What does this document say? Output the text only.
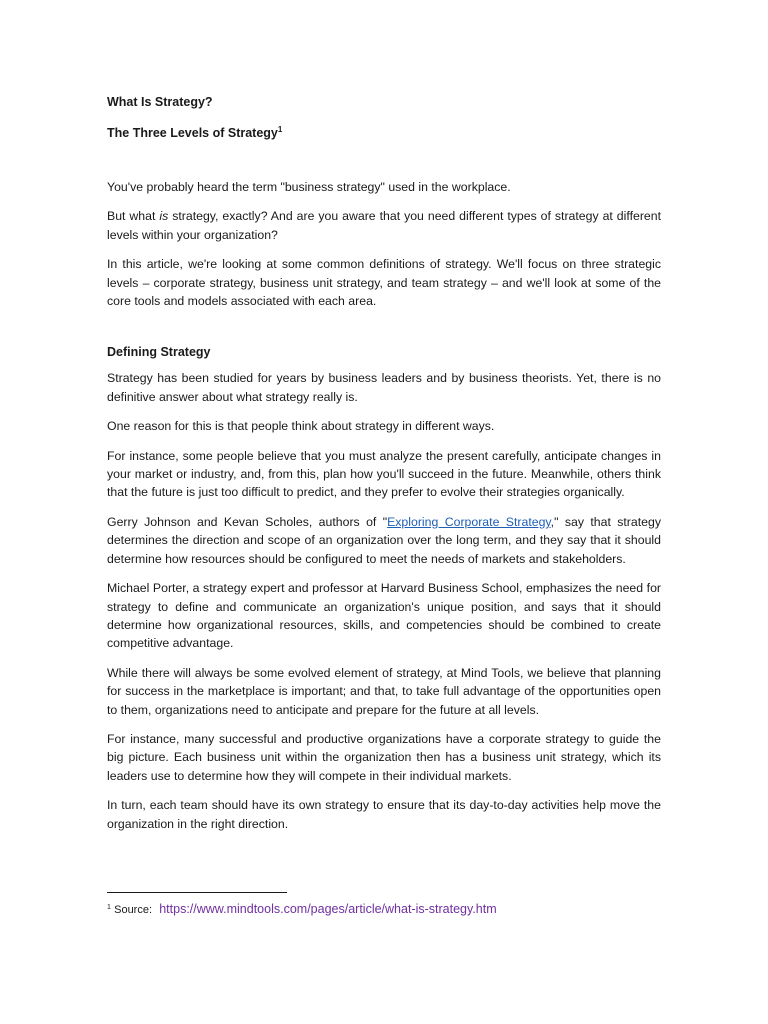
What Is Strategy?
The Three Levels of Strategy$^1$

You've probably heard the term "business strategy" used in the workplace.

But what is strategy, exactly? And are you aware that you need different types of strategy at different levels within your organization?

In this article, we're looking at some common definitions of strategy. We'll focus on three strategic levels – corporate strategy, business unit strategy, and team strategy – and we'll look at some of the core tools and models associated with each area.

Defining Strategy

Strategy has been studied for years by business leaders and by business theorists. Yet, there is no definitive answer about what strategy really is.

One reason for this is that people think about strategy in different ways.

For instance, some people believe that you must analyze the present carefully, anticipate changes in your market or industry, and, from this, plan how you'll succeed in the future. Meanwhile, others think that the future is just too difficult to predict, and they prefer to evolve their strategies organically.

Gerry Johnson and Kevan Scholes, authors of "Exploring Corporate Strategy," say that strategy determines the direction and scope of an organization over the long term, and they say that it should determine how resources should be configured to meet the needs of markets and stakeholders.

Michael Porter, a strategy expert and professor at Harvard Business School, emphasizes the need for strategy to define and communicate an organization's unique position, and says that it should determine how organizational resources, skills, and competencies should be combined to create competitive advantage.

While there will always be some evolved element of strategy, at Mind Tools, we believe that planning for success in the marketplace is important; and that, to take full advantage of the opportunities open to them, organizations need to anticipate and prepare for the future at all levels.

For instance, many successful and productive organizations have a corporate strategy to guide the big picture. Each business unit within the organization then has a business unit strategy, which its leaders use to determine how they will compete in their individual markets.

In turn, each team should have its own strategy to ensure that its day-to-day activities help move the organization in the right direction.

$^1$ Source: https://www.mindtools.com/pages/article/what-is-strategy.htm
